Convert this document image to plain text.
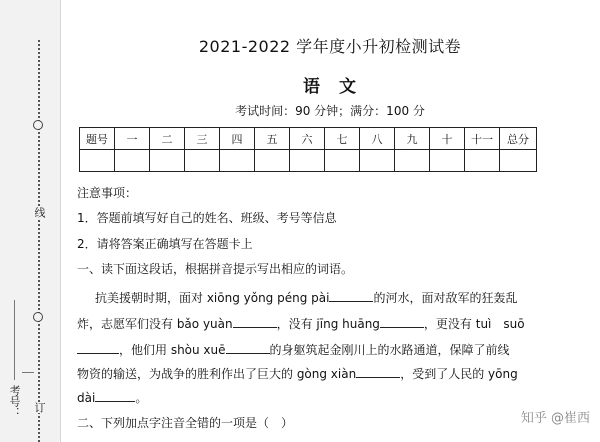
线
考号： 订
2021-2022 学年度小升初检测试卷
语　文
考试时间：90 分钟；满分：100 分
题号	一	二	三	四	五	六	七	八	九	十	十一	总分

注意事项：
1．答题前填写好自己的姓名、班级、考号等信息
2．请将答案正确填写在答题卡上
一、读下面这段话，根据拼音提示写出相应的词语。
抗美援朝时期，面对 xiōng yǒng péng pài	的河水，面对敌军的狂轰乱
炸，志愿军们没有 bǎo yuàn	，没有 jīng huāng	，更没有 tuì　suō
，他们用 shòu xuē	的身躯筑起金刚川上的水路通道，保障了前线
物资的输送，为战争的胜利作出了巨大的 gòng xiàn	，受到了人民的 yōng
dài	。
二、下列加点字注音全错的一项是（　）	知乎 @崔西
